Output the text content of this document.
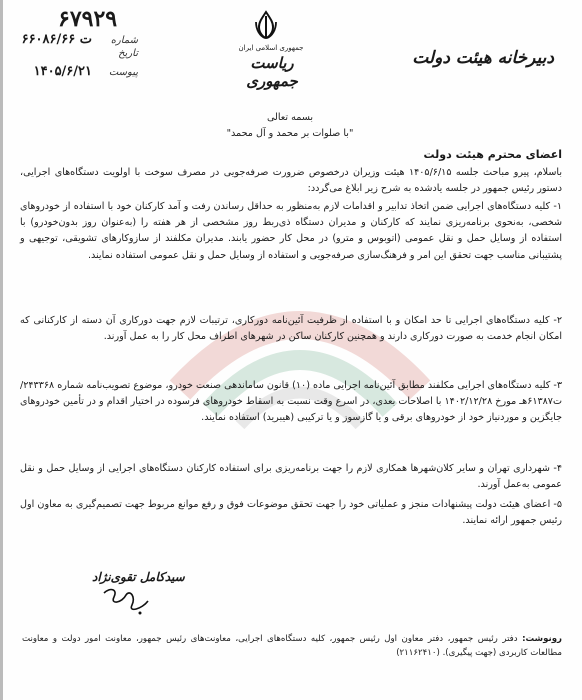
۶۷۹۲۹
شماره
۶۶۰۸۶/ت ۶۶
تاریخ
پیوست
۱۴۰۵/۶/۲۱
جمهوری اسلامی ایران
ریاست جمهوری
دبیرخانه هیئت دولت
بسمه تعالی
"با صلوات بر محمد و آل محمد"
اعضای محترم هیئت دولت
باسلام، پیرو مباحث جلسه ۱۴۰۵/۶/۱۵ هیئت وزیران درخصوص ضرورت صرفه‌جویی در مصرف سوخت با اولویت دستگاه‌های اجرایی، دستور رئیس جمهور در جلسه یادشده به شرح زیر ابلاغ می‌گردد:
۱- کلیه دستگاه‌های اجرایی ضمن اتخاذ تدابیر و اقدامات لازم به‌منظور به حداقل رساندن رفت و آمد کارکنان خود با استفاده از خودروهای شخصی، به‌نحوی برنامه‌ریزی نمایند که کارکنان و مدیران دستگاه ذی‌ربط روز مشخصی از هر هفته را (به‌عنوان روز بدون‌خودرو) با استفاده از وسایل حمل و نقل عمومی (اتوبوس و مترو) در محل کار حضور یابند. مدیران مکلفند از سازوکارهای تشویقی، توجیهی و پشتیبانی مناسب جهت تحقق این امر و فرهنگ‌سازی صرفه‌جویی و استفاده از وسایل حمل و نقل عمومی استفاده نمایند.
۲- کلیه دستگاه‌های اجرایی تا حد امکان و با استفاده از ظرفیت آئین‌نامه دورکاری، ترتیبات لازم جهت دورکاری آن دسته از کارکنانی که امکان انجام خدمت به صورت دورکاری دارند و همچنین کارکنان ساکن در شهرهای اطراف محل کار را به عمل آورند.
۳- کلیه دستگاه‌های اجرایی مکلفند مطابق آئین‌نامه اجرایی ماده (۱۰) قانون ساماندهی صنعت خودرو، موضوع تصویب‌نامه شماره ۲۴۳۳۶۸/ت۶۱۳۸۷هـ مورخ ۱۴۰۲/۱۲/۲۸ با اصلاحات بعدی، در اسرع وقت نسبت به اسقاط خودروهای فرسوده در اختیار اقدام و در تأمین خودروهای جایگزین و موردنیاز خود از خودروهای برقی و یا گازسوز و یا ترکیبی (هیبرید) استفاده نمایند.
۴- شهرداری تهران و سایر کلان‌شهرها همکاری لازم را جهت برنامه‌ریزی برای استفاده کارکنان دستگاه‌های اجرایی از وسایل حمل و نقل عمومی به‌عمل آورند.
۵- اعضای هیئت دولت پیشنهادات منجز و عملیاتی خود را جهت تحقق موضوعات فوق و رفع موانع مربوط جهت تصمیم‌گیری به معاون اول رئیس جمهور ارائه نمایند.
سیدکامل تقوی‌نژاد
رونوشت: دفتر رئیس جمهور، دفتر معاون اول رئیس جمهور، کلیه دستگاه‌های اجرایی، معاونت‌های رئیس جمهور، معاونت امور دولت و معاونت مطالعات کاربردی (جهت پیگیری). (۲۱۱۶۲۴۱۰)
